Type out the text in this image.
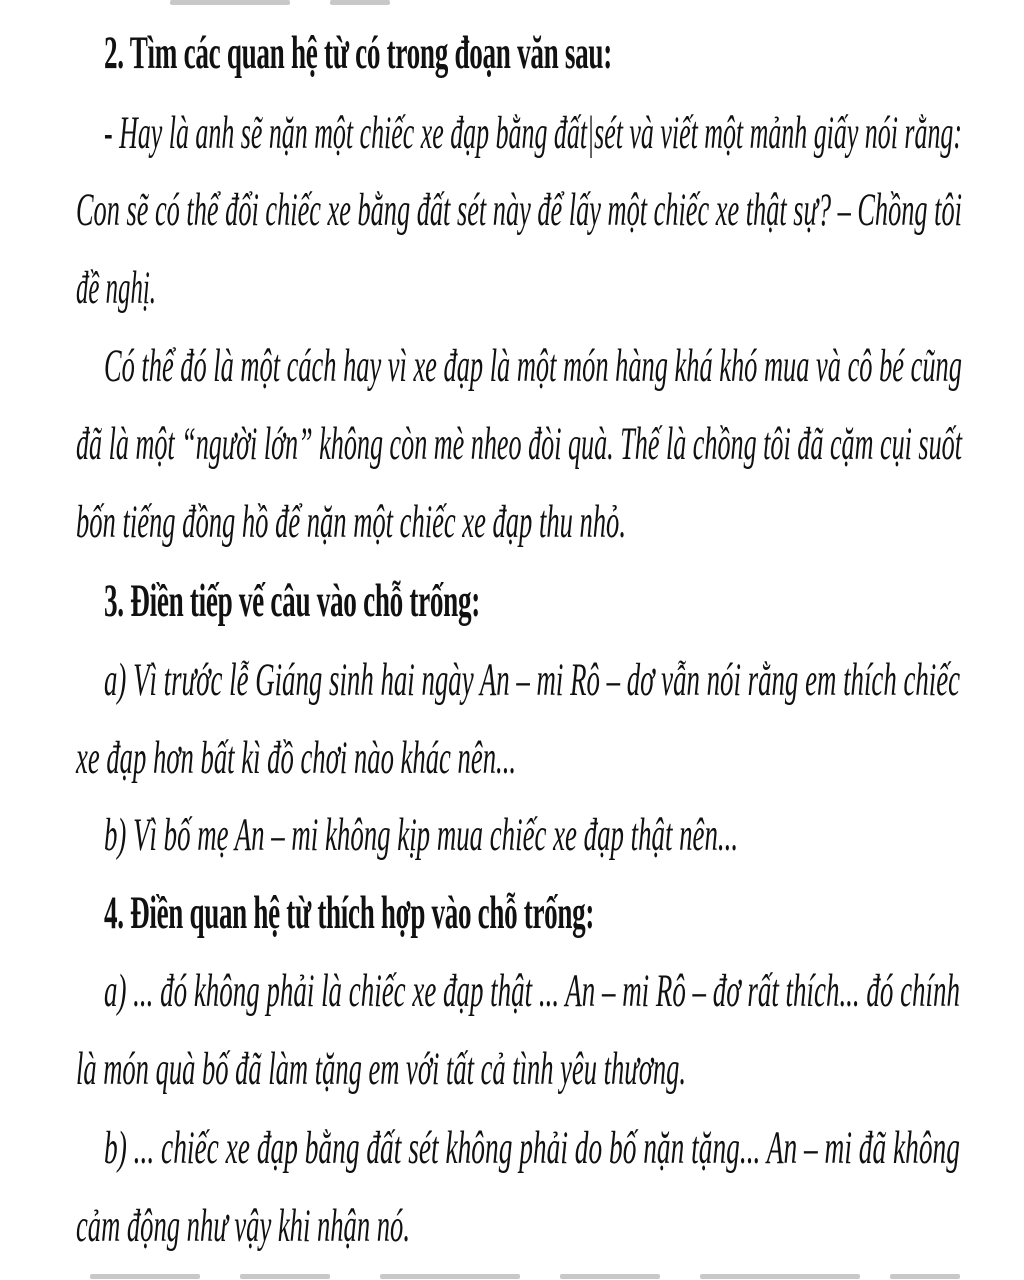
2. Tìm các quan hệ từ có trong đoạn văn sau:
- Hay là anh sẽ nặn một chiếc xe đạp bằng đất|sét và viết một mảnh giấy nói rằng:
Con sẽ có thể đổi chiếc xe bằng đất sét này để lấy một chiếc xe thật sự? – Chồng tôi
đề nghị.
Có thể đó là một cách hay vì xe đạp là một món hàng khá khó mua và cô bé cũng
đã là một “người lớn” không còn mè nheo đòi quà. Thế là chồng tôi đã cặm cụi suốt
bốn tiếng đồng hồ để nặn một chiếc xe đạp thu nhỏ.
3. Điền tiếp vế câu vào chỗ trống:
a) Vì trước lễ Giáng sinh hai ngày An – mi Rô – dơ vẫn nói rằng em thích chiếc
xe đạp hơn bất kì đồ chơi nào khác nên...
b) Vì bố mẹ An – mi không kịp mua chiếc xe đạp thật nên...
4. Điền quan hệ từ thích hợp vào chỗ trống:
a) ... đó không phải là chiếc xe đạp thật ... An – mi Rô – đơ rất thích... đó chính
là món quà bố đã làm tặng em với tất cả tình yêu thương.
b) ... chiếc xe đạp bằng đất sét không phải do bố nặn tặng... An – mi đã không
cảm động như vậy khi nhận nó.
